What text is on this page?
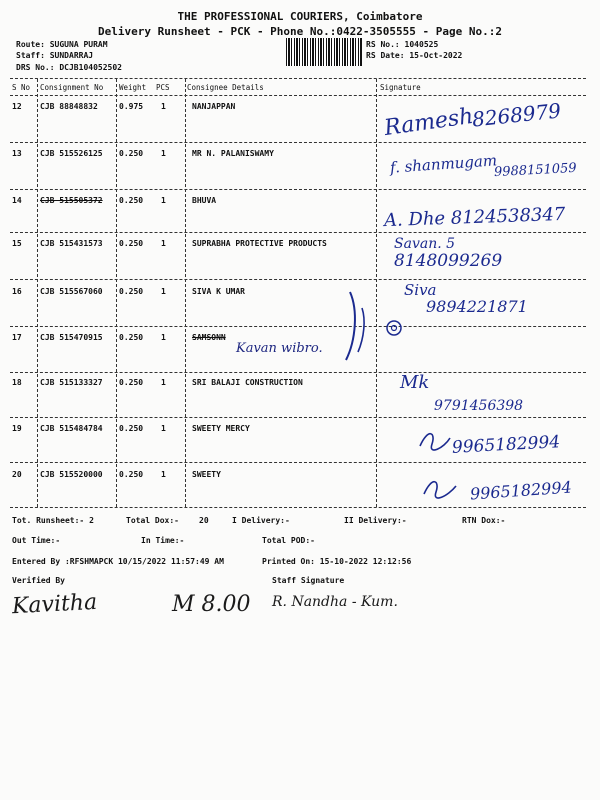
THE PROFESSIONAL COURIERS, Coimbatore
Delivery Runsheet - PCK - Phone No.:0422-3505555 - Page No.:2
Route: SUGUNA PURAM
Staff: SUNDARRAJ
DRS No.: DCJB104052502
RS No.: 1040525
RS Date: 15-Oct-2022
S No Consignment No Weight PCS Consignee Details	Signature
12 CJB 88848832	0.975 1	NANJAPPAN	Ramesh
8268979
13 CJB 515526125 0.250 1	MR N. PALANISWAMY	f. shanmugam
9988151059
14 CJB 515505372 0.250 1	BHUVA
A. Dhe 8124538347
15 CJB 515431573 0.250 1	SUPRABHA PROTECTIVE PRODUCTS	Savan. 5
8148099269
16 CJB 515567060 0.250 1	SIVA K UMAR	Siva
9894221871
17 CJB 515470915 0.250 1	SAMSONN
Kavan wibro.
18 CJB 515133327 0.250 1	SRI BALAJI CONSTRUCTION	Mk
9791456398
19 CJB 515484784 0.250 1	SWEETY MERCY
9965182994
20 CJB 515520000 0.250 1	SWEETY
9965182994
Tot. Runsheet:- 2	Total Dox:-	20	I Delivery:-	II Delivery:-	RTN Dox:-
Out Time:-	In Time:-	Total POD:-
Entered By :RFSHMAPCK 10/15/2022 11:57:49 AM	Printed On: 15-10-2022 12:12:56
Verified By	Staff Signature
Kavitha	M 8.00 R. Nandha - Kum.
